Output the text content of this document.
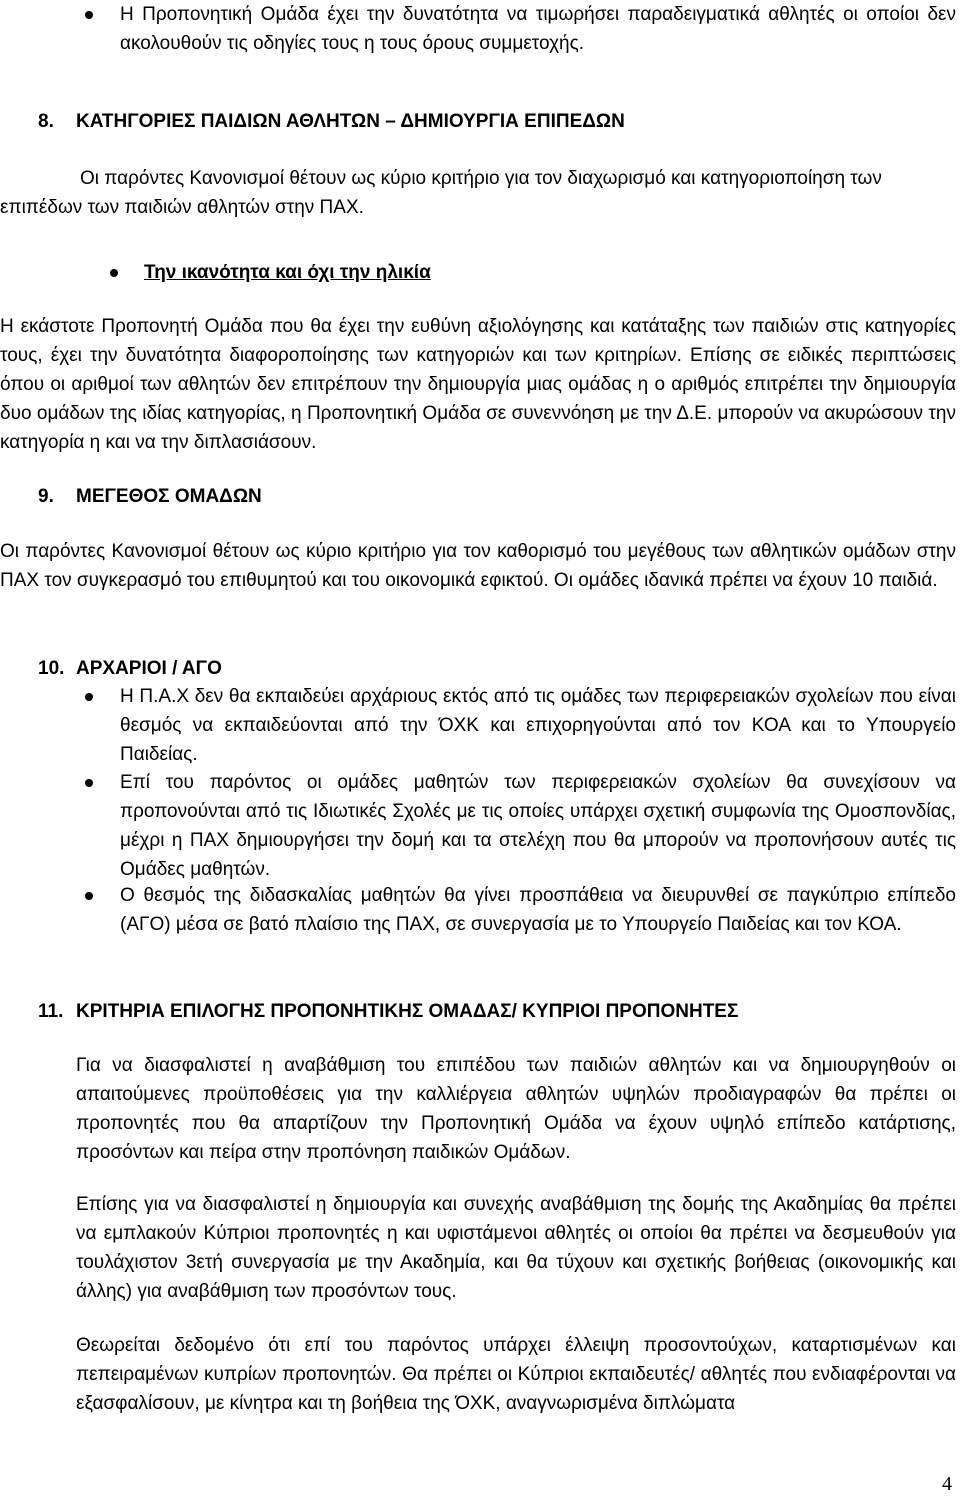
Η Προπονητική Ομάδα έχει την δυνατότητα να τιμωρήσει παραδειγματικά αθλητές οι οποίοι δεν ακολουθούν τις οδηγίες τους η τους όρους συμμετοχής.

8. ΚΑΤΗΓΟΡΙΕΣ ΠΑΙΔΙΩΝ ΑΘΛΗΤΩΝ – ΔΗΜΙΟΥΡΓΙΑ ΕΠΙΠΕΔΩΝ

Οι παρόντες Κανονισμοί θέτουν ως κύριο κριτήριο για τον διαχωρισμό και κατηγοριοποίηση των επιπέδων των παιδιών αθλητών στην ΠΑΧ.

Την ικανότητα και όχι την ηλικία

Η εκάστοτε Προπονητή Ομάδα που θα έχει την ευθύνη αξιολόγησης και κατάταξης των παιδιών στις κατηγορίες τους, έχει την δυνατότητα διαφοροποίησης των κατηγοριών και των κριτηρίων. Επίσης σε ειδικές περιπτώσεις όπου οι αριθμοί των αθλητών δεν επιτρέπουν την δημιουργία μιας ομάδας η ο αριθμός επιτρέπει την δημιουργία δυο ομάδων της ιδίας κατηγορίας, η Προπονητική Ομάδα σε συνεννόηση με την Δ.Ε. μπορούν να ακυρώσουν την κατηγορία η και να την διπλασιάσουν.

9. ΜΕΓΕΘΟΣ ΟΜΑΔΩΝ

Οι παρόντες Κανονισμοί θέτουν ως κύριο κριτήριο για τον καθορισμό του μεγέθους των αθλητικών ομάδων στην ΠΑΧ τον συγκερασμό του επιθυμητού και του οικονομικά εφικτού. Οι ομάδες ιδανικά πρέπει να έχουν 10 παιδιά.

10. ΑΡΧΑΡΙΟΙ / ΑΓΟ

Η Π.Α.Χ δεν θα εκπαιδεύει αρχάριους εκτός από τις ομάδες των περιφερειακών σχολείων που είναι θεσμός να εκπαιδεύονται από την ΌΧΚ και επιχορηγούνται από τον ΚΟΑ και το Υπουργείο Παιδείας.

Επί του παρόντος οι ομάδες μαθητών των περιφερειακών σχολείων θα συνεχίσουν να προπονούνται από τις Ιδιωτικές Σχολές με τις οποίες υπάρχει σχετική συμφωνία της Ομοσπονδίας, μέχρι η ΠΑΧ δημιουργήσει την δομή και τα στελέχη που θα μπορούν να προπονήσουν αυτές τις Ομάδες μαθητών.

Ο θεσμός της διδασκαλίας μαθητών θα γίνει προσπάθεια να διευρυνθεί σε παγκύπριο επίπεδο (ΑΓΟ) μέσα σε βατό πλαίσιο της ΠΑΧ, σε συνεργασία με το Υπουργείο Παιδείας και τον ΚΟΑ.

11. ΚΡΙΤΗΡΙΑ ΕΠΙΛΟΓΗΣ ΠΡΟΠΟΝΗΤΙΚΗΣ ΟΜΑΔΑΣ/ ΚΥΠΡΙΟΙ ΠΡΟΠΟΝΗΤΕΣ

Για να διασφαλιστεί η αναβάθμιση του επιπέδου των παιδιών αθλητών και να δημιουργηθούν οι απαιτούμενες προϋποθέσεις για την καλλιέργεια αθλητών υψηλών προδιαγραφών θα πρέπει οι προπονητές που θα απαρτίζουν την Προπονητική Ομάδα να έχουν υψηλό επίπεδο κατάρτισης, προσόντων και πείρα στην προπόνηση παιδικών Ομάδων.

Επίσης για να διασφαλιστεί η δημιουργία και συνεχής αναβάθμιση της δομής της Ακαδημίας θα πρέπει να εμπλακούν Κύπριοι προπονητές η και υφιστάμενοι αθλητές οι οποίοι θα πρέπει να δεσμευθούν για τουλάχιστον 3ετή συνεργασία με την Ακαδημία, και θα τύχουν και σχετικής βοήθειας (οικονομικής και άλλης) για αναβάθμιση των προσόντων τους.

Θεωρείται δεδομένο ότι επί του παρόντος υπάρχει έλλειψη προσοντούχων, καταρτισμένων και πεπειραμένων κυπρίων προπονητών. Θα πρέπει οι Κύπριοι εκπαιδευτές/ αθλητές που ενδιαφέρονται να εξασφαλίσουν, με κίνητρα και τη βοήθεια της ΌΧΚ, αναγνωρισμένα διπλώματα

4
